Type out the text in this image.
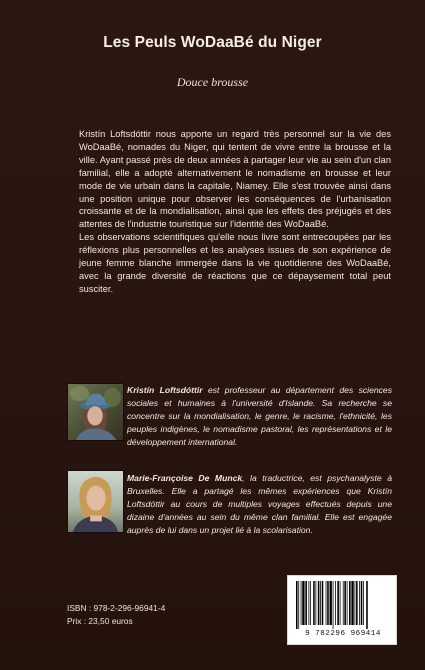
Les Peuls WoDaaBé du Niger
Douce brousse

Kristín Loftsdóttir nous apporte un regard très personnel sur la vie des WoDaaBé, nomades du Niger, qui tentent de vivre entre la brousse et la ville. Ayant passé près de deux années à partager leur vie au sein d'un clan familial, elle a adopté alternativement le nomadisme en brousse et leur mode de vie urbain dans la capitale, Niamey. Elle s'est trouvée ainsi dans une position unique pour observer les conséquences de l'urbanisation croissante et de la mondialisation, ainsi que les effets des préjugés et des attentes de l'industrie touristique sur l'identité des WoDaaBé.

Les observations scientifiques qu'elle nous livre sont entrecoupées par les réflexions plus personnelles et les analyses issues de son expérience de jeune femme blanche immergée dans la vie quotidienne des WoDaaBé, avec la grande diversité de réactions que ce dépaysement total peut susciter.

Kristín Loftsdóttir est professeur au département des sciences sociales et humaines à l'université d'Islande. Sa recherche se concentre sur la mondialisation, le genre, le racisme, l'ethnicité, les peuples indigènes, le nomadisme pastoral, les représentations et le développement international.
Marie-Françoise De Munck, la traductrice, est psychanalyste à Bruxelles. Elle a partagé les mêmes expériences que Kristín Loftsdóttir au cours de multiples voyages effectués depuis une dizaine d'années au sein du même clan familial. Elle est engagée auprès de lui dans un projet lié à la scolarisation.
ISBN : 978-2-296-96941-4
Prix : 23,50 euros
9 782296 969414
